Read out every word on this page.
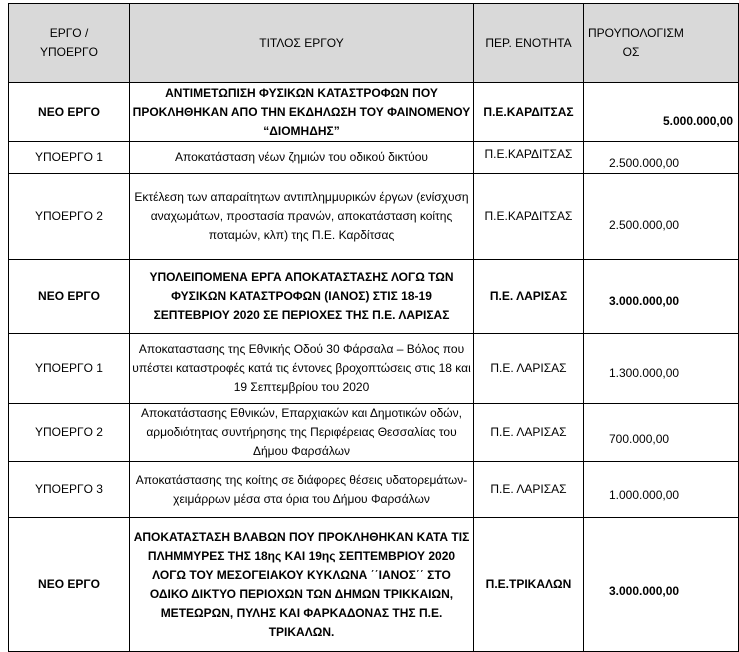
ΕΡΓΟ / ΥΠΟΕΡΓΟ	ΤΙΤΛΟΣ ΕΡΓΟΥ	ΠΕΡ. ΕΝΟΤΗΤΑ	ΠΡΟΥΠΟΛΟΓΙΣΜ ΟΣ

ΝΕΟ ΕΡΓΟ	ΑΝΤΙΜΕΤΩΠΙΣΗ ΦΥΣΙΚΩΝ ΚΑΤΑΣΤΡΟΦΩΝ ΠΟΥ ΠΡΟΚΛΗΘΗΚΑΝ ΑΠΟ ΤΗΝ ΕΚΔΗΛΩΣΗ ΤΟΥ ΦΑΙΝΟΜΕΝΟΥ “ΔΙΟΜΗΔΗΣ”	Π.Ε.ΚΑΡΔΙΤΣΑΣ	5.000.000,00
ΥΠΟΕΡΓΟ 1	Αποκατάσταση νέων ζημιών του οδικού δικτύου	Π.Ε.ΚΑΡΔΙΤΣΑΣ	2.500.000,00
ΥΠΟΕΡΓΟ 2	Εκτέλεση των απαραίτητων αντιπλημμυρικών έργων (ενίσχυση αναχωμάτων, προστασία πρανών, αποκατάσταση κοίτης ποταμών, κλπ) της Π.Ε. Καρδίτσας	Π.Ε.ΚΑΡΔΙΤΣΑΣ	2.500.000,00
ΝΕΟ ΕΡΓΟ	ΥΠΟΛΕΙΠΟΜΕΝΑ ΕΡΓΑ ΑΠΟΚΑΤΑΣΤΑΣΗΣ ΛΟΓΩ ΤΩΝ ΦΥΣΙΚΩΝ ΚΑΤΑΣΤΡΟΦΩΝ (ΙΑΝΟΣ) ΣΤΙΣ 18-19 ΣΕΠΤΕΒΡΙΟΥ 2020 ΣΕ ΠΕΡΙΟΧΕΣ ΤΗΣ Π.Ε. ΛΑΡΙΣΑΣ	Π.Ε. ΛΑΡΙΣΑΣ	3.000.000,00
ΥΠΟΕΡΓΟ 1	Αποκαταστασης της Εθνικής Οδού 30 Φάρσαλα – Βόλος που υπέστει καταστροφές κατά τις έντονες βροχοπτώσεις στις 18 και 19 Σεπτεμβρίου του 2020	Π.Ε. ΛΑΡΙΣΑΣ	1.300.000,00
ΥΠΟΕΡΓΟ 2	Αποκατάστασης Εθνικών, Επαρχιακών και Δημοτικών οδών, αρμοδιότητας συντήρησης της Περιφέρειας Θεσσαλίας του Δήμου Φαρσάλων	Π.Ε. ΛΑΡΙΣΑΣ	700.000,00
ΥΠΟΕΡΓΟ 3	Αποκατάστασης της κοίτης σε διάφορες θέσεις υδατορεμάτων-χειμάρρων μέσα στα όρια του Δήμου Φαρσάλων	Π.Ε. ΛΑΡΙΣΑΣ	1.000.000,00
ΝΕΟ ΕΡΓΟ	ΑΠΟΚΑΤΑΣΤΑΣΗ ΒΛΑΒΩΝ ΠΟΥ ΠΡΟΚΛΗΘΗΚΑΝ ΚΑΤΑ ΤΙΣ ΠΛΗΜΜΥΡΕΣ ΤΗΣ 18ης ΚΑΙ 19ης ΣΕΠΤΕΜΒΡΙΟΥ 2020 ΛΟΓΩ ΤΟΥ ΜΕΣΟΓΕΙΑΚΟΥ ΚΥΚΛΩΝΑ ΄΄ΙΑΝΟΣ΄΄ ΣΤΟ ΟΔΙΚΟ ΔΙΚΤΥΟ ΠΕΡΙΟΧΩΝ ΤΩΝ ΔΗΜΩΝ ΤΡΙΚΚΑΙΩΝ, ΜΕΤΕΩΡΩΝ, ΠΥΛΗΣ ΚΑΙ ΦΑΡΚΑΔΟΝΑΣ ΤΗΣ Π.Ε. ΤΡΙΚΑΛΩΝ.	Π.Ε.ΤΡΙΚΑΛΩΝ	3.000.000,00
